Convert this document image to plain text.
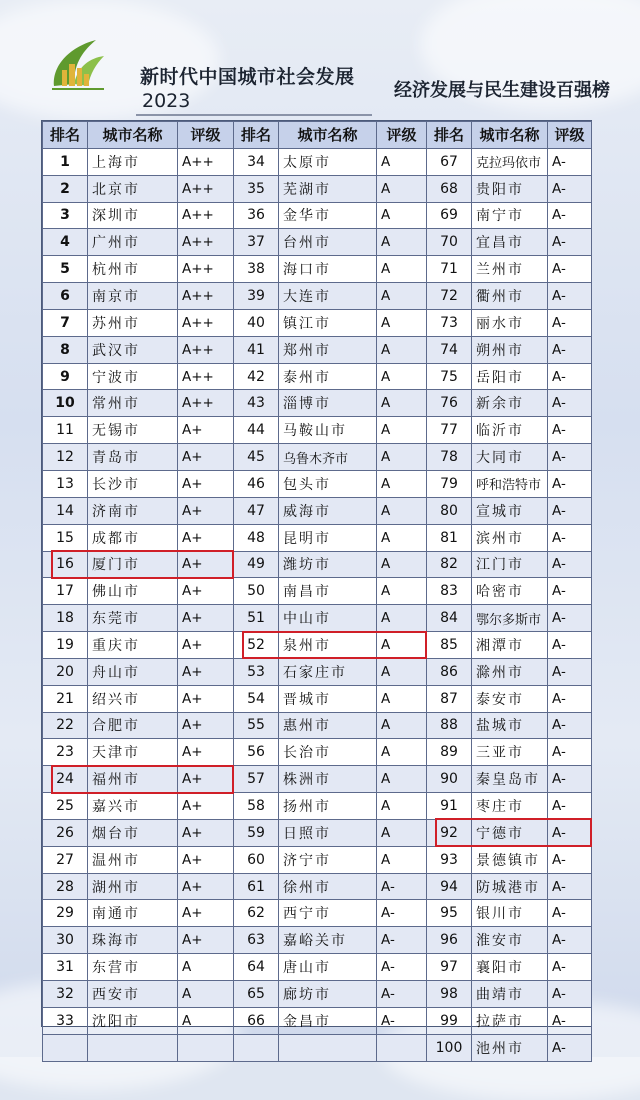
新时代中国城市社会发展
2023	经济发展与民生建设百强榜
排名	城市名称	评级	排名	城市名称	评级	排名	城市名称	评级
1	上海市	A++	34	太原市	A	67	克拉玛依市	A-
2	北京市	A++	35	芜湖市	A	68	贵阳市	A-
3	深圳市	A++	36	金华市	A	69	南宁市	A-
4	广州市	A++	37	台州市	A	70	宜昌市	A-
5	杭州市	A++	38	海口市	A	71	兰州市	A-
6	南京市	A++	39	大连市	A	72	衢州市	A-
7	苏州市	A++	40	镇江市	A	73	丽水市	A-
8	武汉市	A++	41	郑州市	A	74	朔州市	A-
9	宁波市	A++	42	泰州市	A	75	岳阳市	A-
10	常州市	A++	43	淄博市	A	76	新余市	A-
11	无锡市	A+	44	马鞍山市	A	77	临沂市	A-
12	青岛市	A+	45	乌鲁木齐市	A	78	大同市	A-
13	长沙市	A+	46	包头市	A	79	呼和浩特市	A-
14	济南市	A+	47	威海市	A	80	宣城市	A-
15	成都市	A+	48	昆明市	A	81	滨州市	A-
16	厦门市	A+	49	潍坊市	A	82	江门市	A-
17	佛山市	A+	50	南昌市	A	83	哈密市	A-
18	东莞市	A+	51	中山市	A	84	鄂尔多斯市	A-
19	重庆市	A+	52	泉州市	A	85	湘潭市	A-
20	舟山市	A+	53	石家庄市	A	86	滁州市	A-
21	绍兴市	A+	54	晋城市	A	87	泰安市	A-
22	合肥市	A+	55	惠州市	A	88	盐城市	A-
23	天津市	A+	56	长治市	A	89	三亚市	A-
24	福州市	A+	57	株洲市	A	90	秦皇岛市	A-
25	嘉兴市	A+	58	扬州市	A	91	枣庄市	A-
26	烟台市	A+	59	日照市	A	92	宁德市	A-
27	温州市	A+	60	济宁市	A	93	景德镇市	A-
28	湖州市	A+	61	徐州市	A-	94	防城港市	A-
29	南通市	A+	62	西宁市	A-	95	银川市	A-
30	珠海市	A+	63	嘉峪关市	A-	96	淮安市	A-
31	东营市	A	64	唐山市	A-	97	襄阳市	A-
32	西安市	A	65	廊坊市	A-	98	曲靖市	A-
33	沈阳市	A	66	金昌市	A-	99	拉萨市	A-
						100	池州市	A-
